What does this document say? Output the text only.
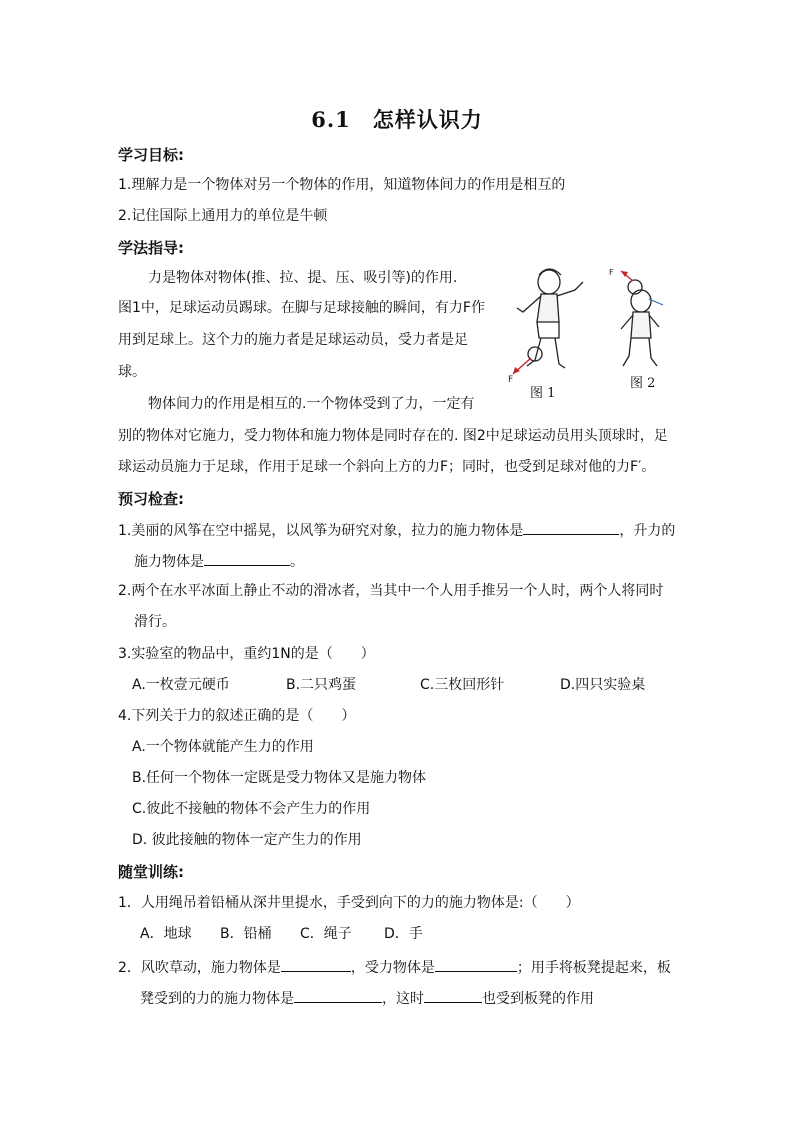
6.1　怎样认识力
学习目标:
1.理解力是一个物体对另一个物体的作用，知道物体间力的作用是相互的
2.记住国际上通用力的单位是牛顿
学法指导:
力是物体对物体(推、拉、提、压、吸引等)的作用.
图1中，足球运动员踢球。在脚与足球接触的瞬间，有力F作
用到足球上。这个力的施力者是足球运动员，受力者是足
球。
物体间力的作用是相互的.一个物体受到了力，一定有
别的物体对它施力，受力物体和施力物体是同时存在的. 图2中足球运动员用头顶球时，足
球运动员施力于足球，作用于足球一个斜向上方的力F；同时，也受到足球对他的力F′。
F
图 1
F
图 2
预习检查:
1.美丽的风筝在空中摇晃，以风筝为研究对象，拉力的施力物体是	，升力的
施力物体是	。
2.两个在水平冰面上静止不动的滑冰者，当其中一个人用手推另一个人时，两个人将同时
滑行。
3.实验室的物品中，重约1N的是（　　）
A.一枚壹元硬币	B.二只鸡蛋	C.三枚回形针	D.四只实验桌
4.下列关于力的叙述正确的是（　　）
A.一个物体就能产生力的作用
B.任何一个物体一定既是受力物体又是施力物体
C.彼此不接触的物体不会产生力的作用
D. 彼此接触的物体一定产生力的作用
随堂训练:
1．人用绳吊着铅桶从深井里提水，手受到向下的力的施力物体是:（　　）
A．地球 B．铅桶 C．绳子 D．手
2．风吹草动，施力物体是	，受力物体是	；用手将板凳提起来，板
凳受到的力的施力物体是	，这时	也受到板凳的作用
